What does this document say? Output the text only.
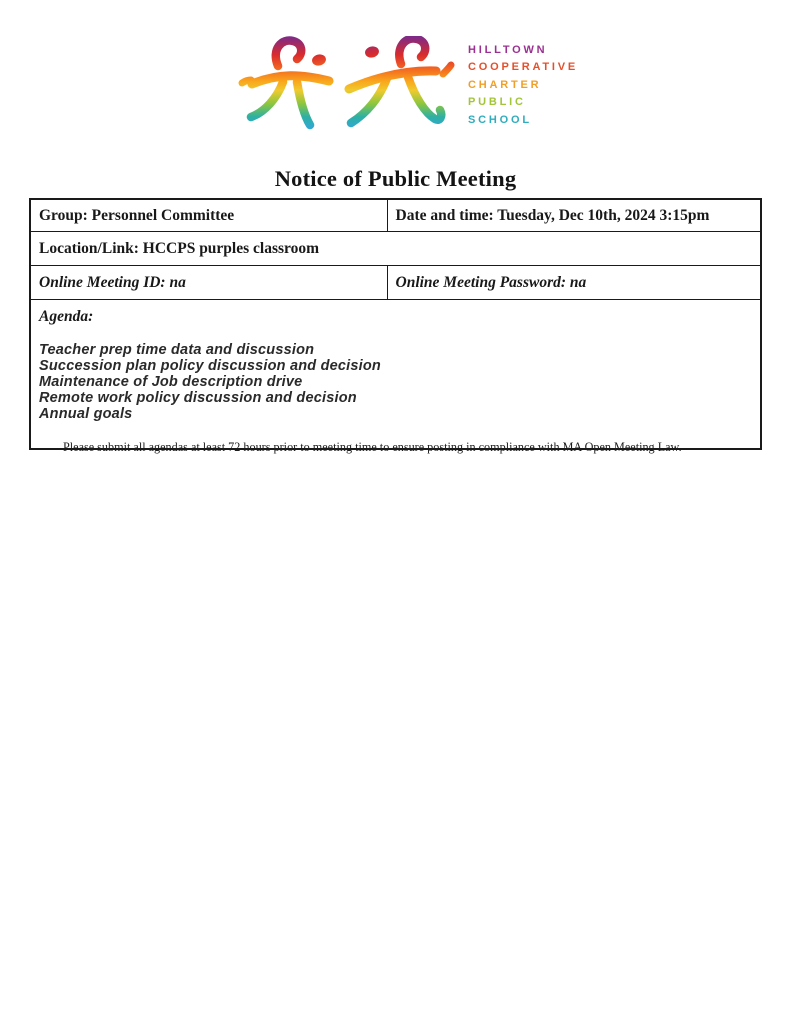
HILLTOWN
COOPERATIVE
CHARTER
PUBLIC
SCHOOL
Notice of Public Meeting
Group: Personnel Committee	Date and time: Tuesday, Dec 10th, 2024 3:15pm
Location/Link: HCCPS purples classroom	
Online Meeting ID: na	Online Meeting Password: na

Agenda:
Teacher prep time data and discussion
Succession plan policy discussion and decision
Maintenance of Job description drive
Remote work policy discussion and decision
Annual goals
Please submit all agendas at least 72 hours prior to meeting time to ensure posting in compliance with MA Open Meeting Law.
